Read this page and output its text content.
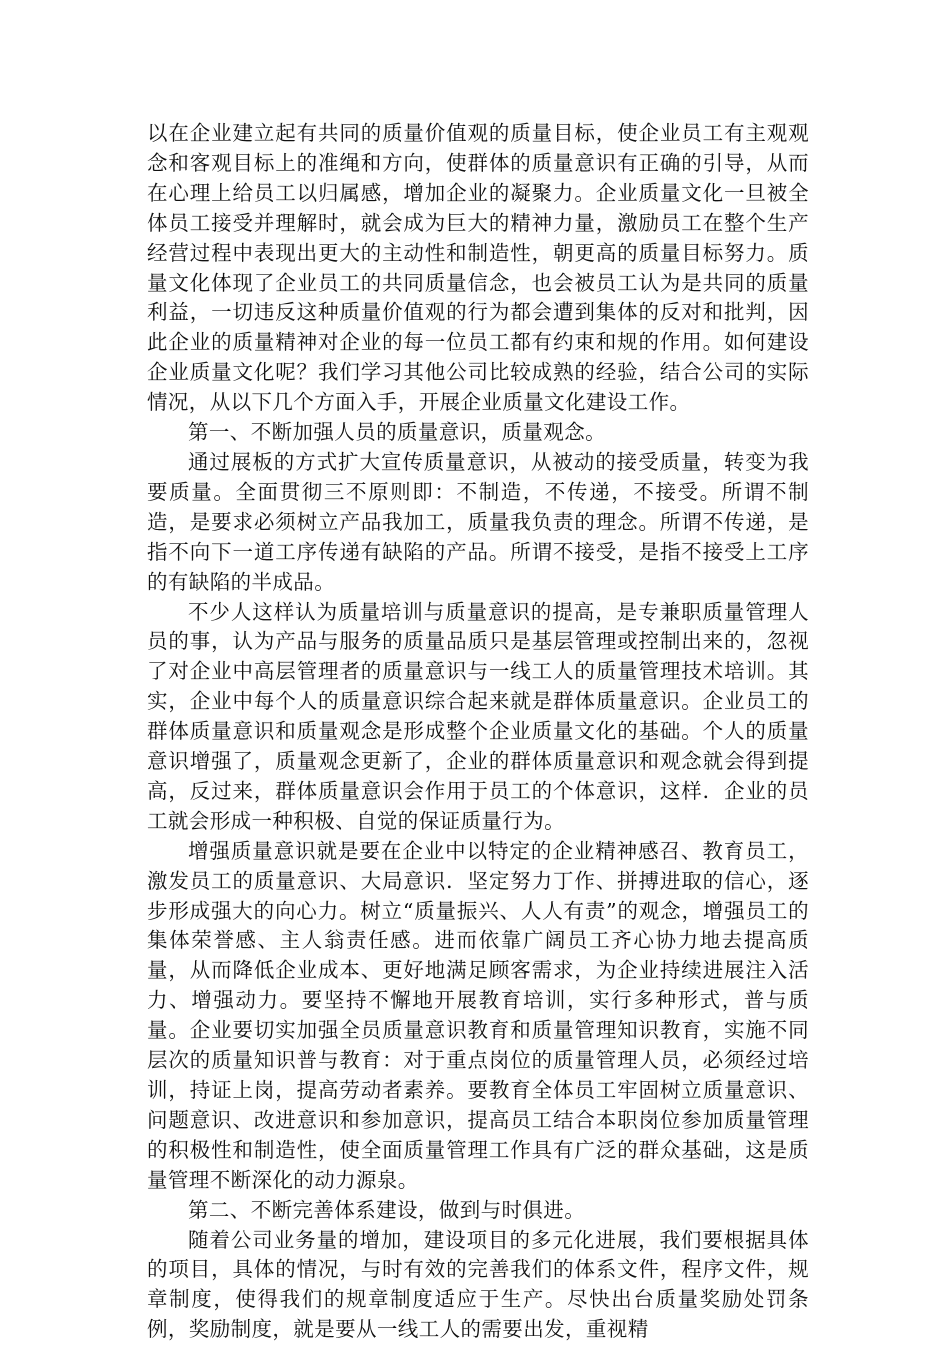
以在企业建立起有共同的质量价值观的质量目标，使企业员工有主观观念和客观目标上的准绳和方向，使群体的质量意识有正确的引导，从而在心理上给员工以归属感，增加企业的凝聚力。企业质量文化一旦被全体员工接受并理解时，就会成为巨大的精神力量，激励员工在整个生产经营过程中表现出更大的主动性和制造性，朝更高的质量目标努力。质量文化体现了企业员工的共同质量信念，也会被员工认为是共同的质量利益，一切违反这种质量价值观的行为都会遭到集体的反对和批判，因此企业的质量精神对企业的每一位员工都有约束和规的作用。如何建设企业质量文化呢？我们学习其他公司比较成熟的经验，结合公司的实际情况，从以下几个方面入手，开展企业质量文化建设工作。

第一、不断加强人员的质量意识，质量观念。

通过展板的方式扩大宣传质量意识，从被动的接受质量，转变为我要质量。全面贯彻三不原则即：不制造，不传递，不接受。所谓不制造，是要求必须树立产品我加工，质量我负责的理念。所谓不传递，是指不向下一道工序传递有缺陷的产品。所谓不接受，是指不接受上工序的有缺陷的半成品。

不少人这样认为质量培训与质量意识的提高，是专兼职质量管理人员的事，认为产品与服务的质量品质只是基层管理或控制出来的，忽视了对企业中高层管理者的质量意识与一线工人的质量管理技术培训。其实，企业中每个人的质量意识综合起来就是群体质量意识。企业员工的群体质量意识和质量观念是形成整个企业质量文化的基础。个人的质量意识增强了，质量观念更新了，企业的群体质量意识和观念就会得到提高，反过来，群体质量意识会作用于员工的个体意识，这样．企业的员工就会形成一种积极、自觉的保证质量行为。

增强质量意识就是要在企业中以特定的企业精神感召、教育员工，激发员工的质量意识、大局意识．坚定努力丁作、拼搏进取的信心，逐步形成强大的向心力。树立“质量振兴、人人有责”的观念，增强员工的集体荣誉感、主人翁责任感。进而依靠广阔员工齐心协力地去提高质量，从而降低企业成本、更好地满足顾客需求，为企业持续进展注入活力、增强动力。要坚持不懈地开展教育培训，实行多种形式，普与质量。企业要切实加强全员质量意识教育和质量管理知识教育，实施不同层次的质量知识普与教育：对于重点岗位的质量管理人员，必须经过培训，持证上岗，提高劳动者素养。要教育全体员工牢固树立质量意识、问题意识、改进意识和参加意识，提高员工结合本职岗位参加质量管理的积极性和制造性，使全面质量管理工作具有广泛的群众基础，这是质量管理不断深化的动力源泉。

第二、不断完善体系建设，做到与时俱进。

随着公司业务量的增加，建设项目的多元化进展，我们要根据具体的项目，具体的情况，与时有效的完善我们的体系文件，程序文件，规章制度，使得我们的规章制度适应于生产。尽快出台质量奖励处罚条例，奖励制度，就是要从一线工人的需要出发，重视精
